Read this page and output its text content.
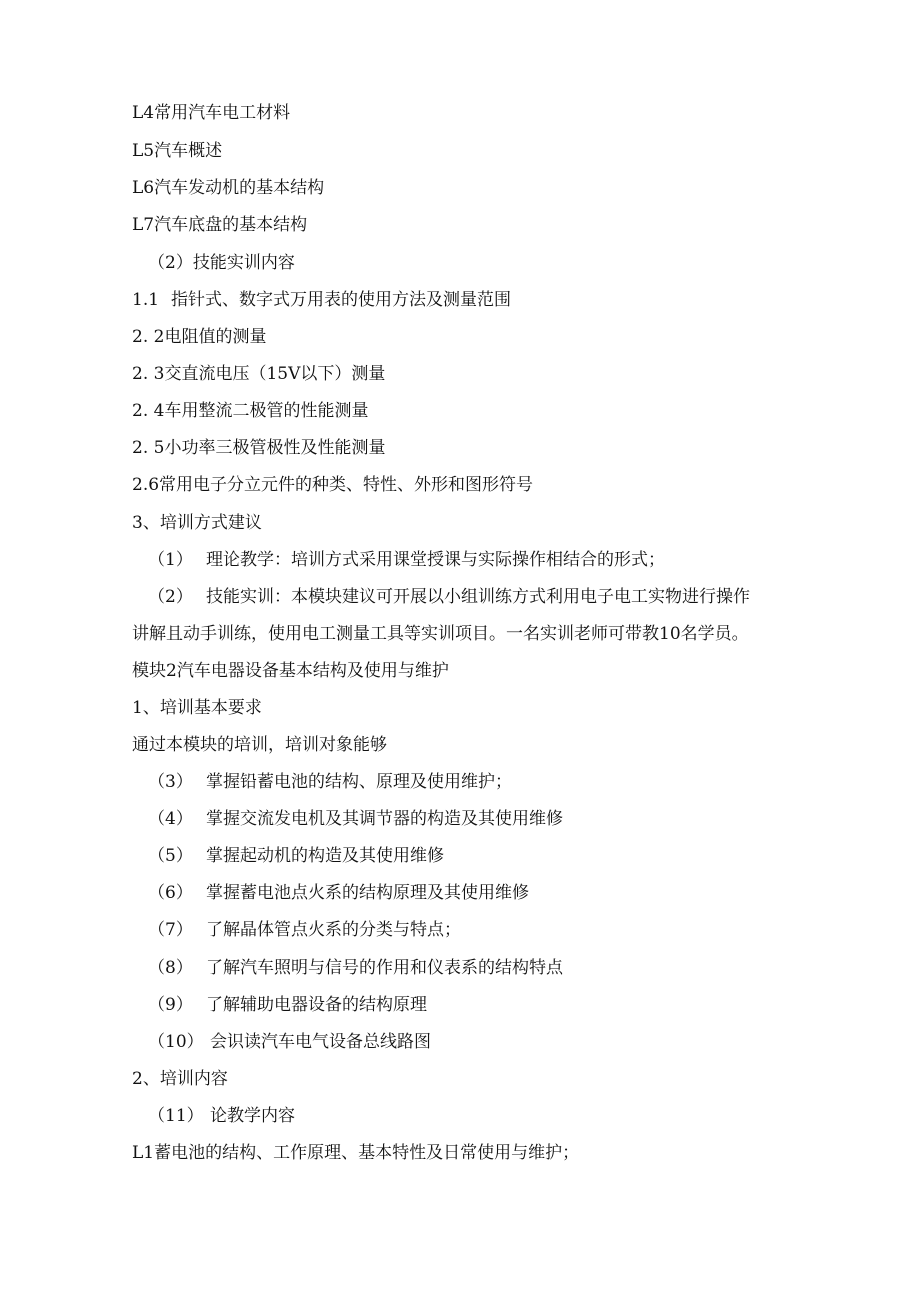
L4常用汽车电工材料
L5汽车概述
L6汽车发动机的基本结构
L7汽车底盘的基本结构
（2）技能实训内容
1.1 指针式、数字式万用表的使用方法及测量范围
2. 2电阻值的测量
2. 3交直流电压（15V以下）测量
2. 4车用整流二极管的性能测量
2. 5小功率三极管极性及性能测量
2.6常用电子分立元件的种类、特性、外形和图形符号
3、培训方式建议
（1） 理论教学：培训方式采用课堂授课与实际操作相结合的形式；
（2） 技能实训：本模块建议可开展以小组训练方式利用电子电工实物进行操作
讲解且动手训练，使用电工测量工具等实训项目。一名实训老师可带教10名学员。
模块2汽车电器设备基本结构及使用与维护
1、培训基本要求
通过本模块的培训，培训对象能够
（3） 掌握铅蓄电池的结构、原理及使用维护；
（4） 掌握交流发电机及其调节器的构造及其使用维修
（5） 掌握起动机的构造及其使用维修
（6） 掌握蓄电池点火系的结构原理及其使用维修
（7） 了解晶体管点火系的分类与特点；
（8） 了解汽车照明与信号的作用和仪表系的结构特点
（9） 了解辅助电器设备的结构原理
（10） 会识读汽车电气设备总线路图
2、培训内容
（11） 论教学内容
L1蓄电池的结构、工作原理、基本特性及日常使用与维护；
